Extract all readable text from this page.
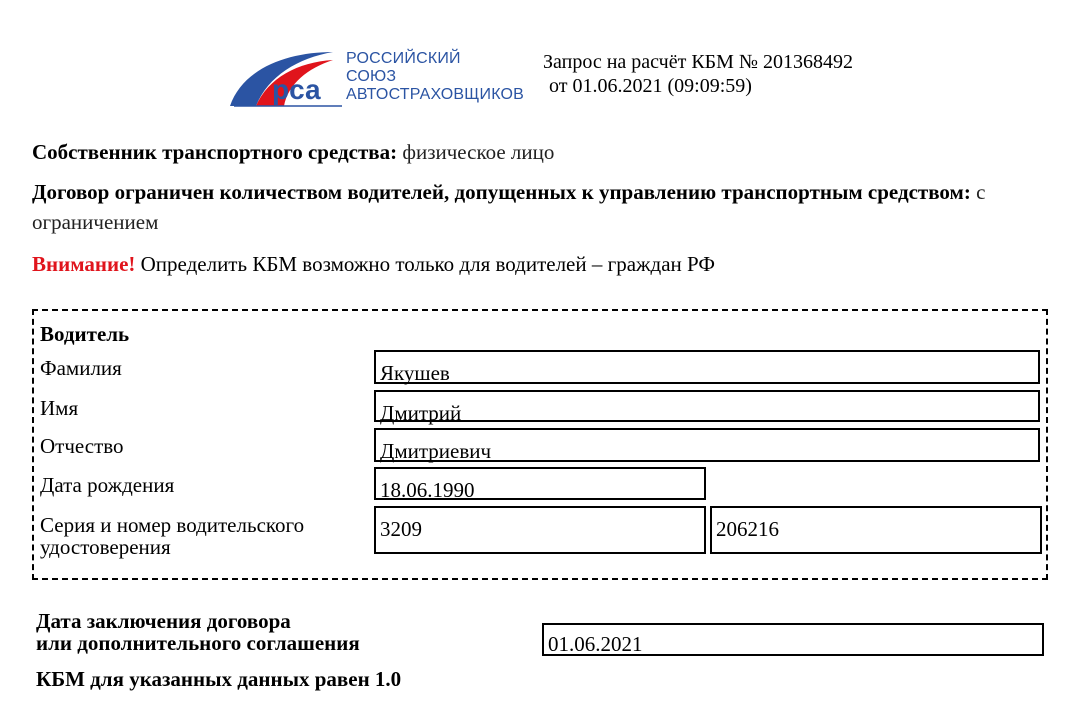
рса
РОССИЙСКИЙ
СОЮЗ
АВТОСТРАХОВЩИКОВ
Запрос на расчёт КБМ № 201368492
от 01.06.2021 (09:09:59)
Собственник транспортного средства: физическое лицо
Договор ограничен количеством водителей, допущенных к управлению транспортным средством: с
ограничением
Внимание! Определить КБМ возможно только для водителей – граждан РФ
Водитель
Фамилия	Якушев
Имя	Дмитрий
Отчество	Дмитриевич
Дата рождения	18.06.1990
Серия и номер водительского
удостоверения
3209	206216
Дата заключения договора
или дополнительного соглашения	01.06.2021
КБМ для указанных данных равен 1.0
